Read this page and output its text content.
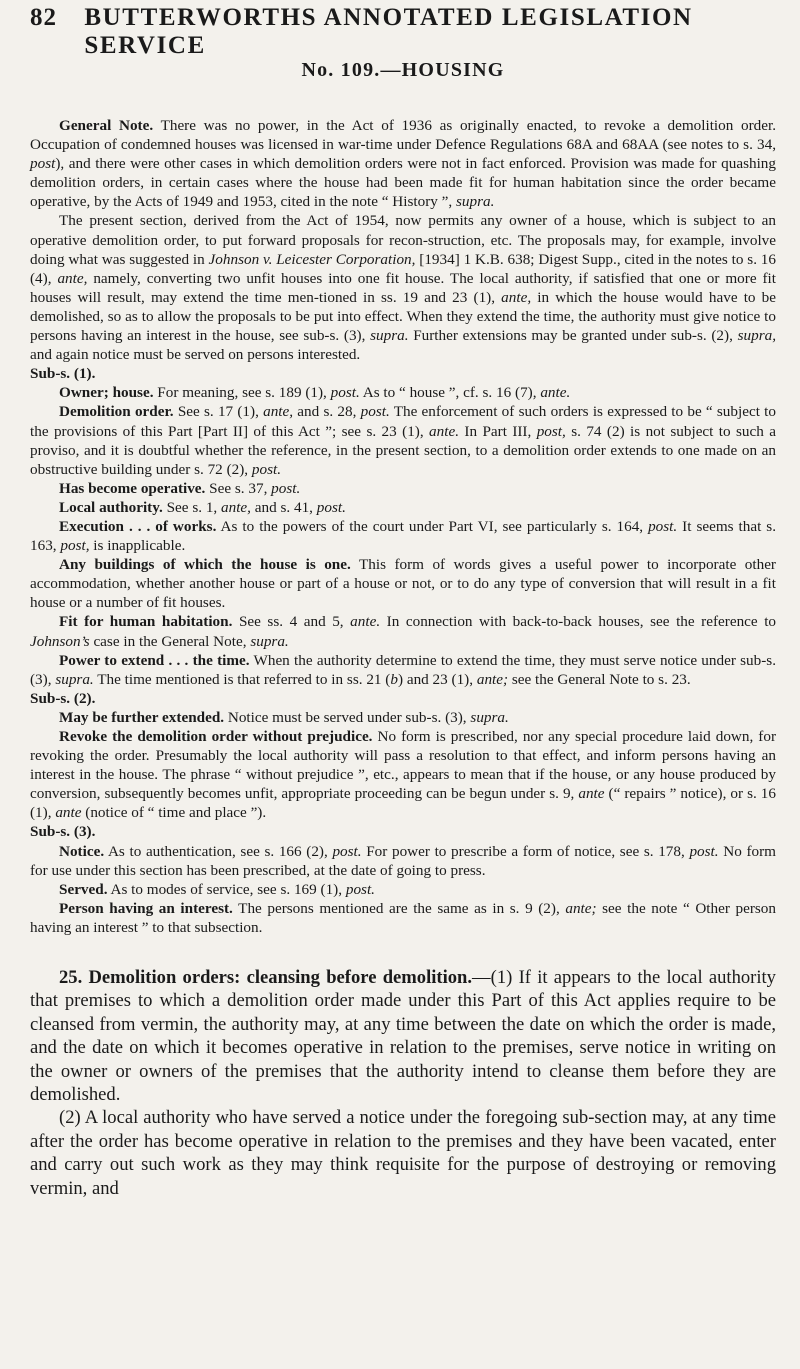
82	BUTTERWORTHS ANNOTATED LEGISLATION SERVICE
No. 109.—HOUSING

General Note. There was no power, in the Act of 1936 as originally enacted, to revoke a demolition order. Occupation of condemned houses was licensed in war-time under Defence Regulations 68A and 68AA (see notes to s. 34, post), and there were other cases in which demolition orders were not in fact enforced. Provision was made for quashing demolition orders, in certain cases where the house had been made fit for human habitation since the order became operative, by the Acts of 1949 and 1953, cited in the note “ History ”, supra.

The present section, derived from the Act of 1954, now permits any owner of a house, which is subject to an operative demolition order, to put forward proposals for recon-struction, etc. The proposals may, for example, involve doing what was suggested in Johnson v. Leicester Corporation, [1934] 1 K.B. 638; Digest Supp., cited in the notes to s. 16 (4), ante, namely, converting two unfit houses into one fit house. The local authority, if satisfied that one or more fit houses will result, may extend the time men-tioned in ss. 19 and 23 (1), ante, in which the house would have to be demolished, so as to allow the proposals to be put into effect. When they extend the time, the authority must give notice to persons having an interest in the house, see sub-s. (3), supra. Further extensions may be granted under sub-s. (2), supra, and again notice must be served on persons interested.

Sub-s. (1).

Owner; house. For meaning, see s. 189 (1), post. As to “ house ”, cf. s. 16 (7), ante.

Demolition order. See s. 17 (1), ante, and s. 28, post. The enforcement of such orders is expressed to be “ subject to the provisions of this Part [Part II] of this Act ”; see s. 23 (1), ante. In Part III, post, s. 74 (2) is not subject to such a proviso, and it is doubtful whether the reference, in the present section, to a demolition order extends to one made on an obstructive building under s. 72 (2), post.

Has become operative. See s. 37, post.

Local authority. See s. 1, ante, and s. 41, post.

Execution . . . of works. As to the powers of the court under Part VI, see particularly s. 164, post. It seems that s. 163, post, is inapplicable.

Any buildings of which the house is one. This form of words gives a useful power to incorporate other accommodation, whether another house or part of a house or not, or to do any type of conversion that will result in a fit house or a number of fit houses.

Fit for human habitation. See ss. 4 and 5, ante. In connection with back-to-back houses, see the reference to Johnson’s case in the General Note, supra.

Power to extend . . . the time. When the authority determine to extend the time, they must serve notice under sub-s. (3), supra. The time mentioned is that referred to in ss. 21 (b) and 23 (1), ante; see the General Note to s. 23.

Sub-s. (2).

May be further extended. Notice must be served under sub-s. (3), supra.

Revoke the demolition order without prejudice. No form is prescribed, nor any special procedure laid down, for revoking the order. Presumably the local authority will pass a resolution to that effect, and inform persons having an interest in the house. The phrase “ without prejudice ”, etc., appears to mean that if the house, or any house produced by conversion, subsequently becomes unfit, appropriate proceeding can be begun under s. 9, ante (“ repairs ” notice), or s. 16 (1), ante (notice of “ time and place ”).

Sub-s. (3).

Notice. As to authentication, see s. 166 (2), post. For power to prescribe a form of notice, see s. 178, post. No form for use under this section has been prescribed, at the date of going to press.

Served. As to modes of service, see s. 169 (1), post.

Person having an interest. The persons mentioned are the same as in s. 9 (2), ante; see the note “ Other person having an interest ” to that subsection.

25. Demolition orders: cleansing before demolition.—(1) If it appears to the local authority that premises to which a demolition order made under this Part of this Act applies require to be cleansed from vermin, the authority may, at any time between the date on which the order is made, and the date on which it becomes operative in relation to the premises, serve notice in writing on the owner or owners of the premises that the authority intend to cleanse them before they are demolished.

(2) A local authority who have served a notice under the foregoing sub-section may, at any time after the order has become operative in relation to the premises and they have been vacated, enter and carry out such work as they may think requisite for the purpose of destroying or removing vermin, and
